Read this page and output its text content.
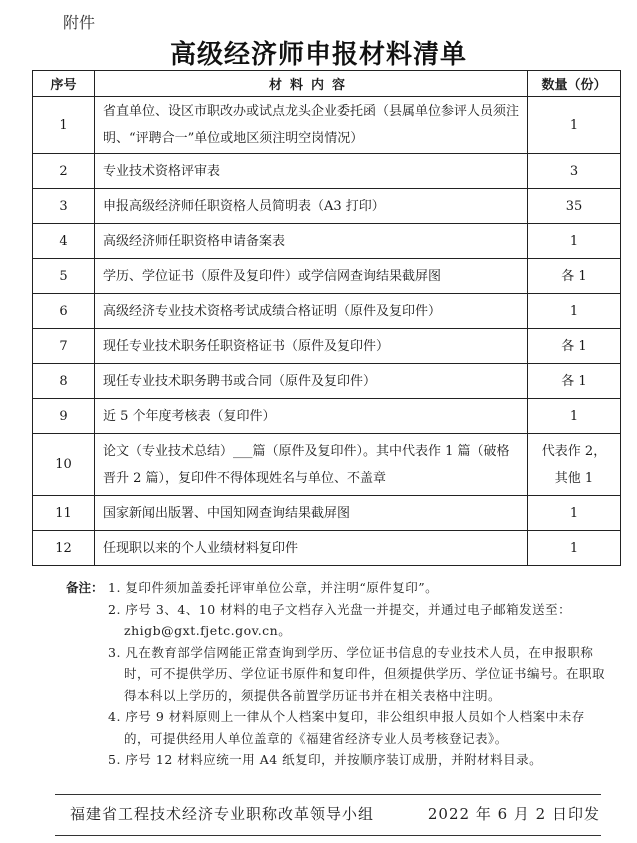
附件
高级经济师申报材料清单
序号	材料内容	数量（份）
1	省直单位、设区市职改办或试点龙头企业委托函（县属单位参评人员须注明、“评聘合一”单位或地区须注明空岗情况）	1
2	专业技术资格评审表	3
3	申报高级经济师任职资格人员简明表（A3 打印）	35
4	高级经济师任职资格申请备案表	1
5	学历、学位证书（原件及复印件）或学信网查询结果截屏图	各 1
6	高级经济专业技术资格考试成绩合格证明（原件及复印件）	1
7	现任专业技术职务任职资格证书（原件及复印件）	各 1
8	现任专业技术职务聘书或合同（原件及复印件）	各 1
9	近 5 个年度考核表（复印件）	1
10	论文（专业技术总结）___篇（原件及复印件）。其中代表作 1 篇（破格晋升 2 篇），复印件不得体现姓名与单位、不盖章	代表作 2，其他 1
11	国家新闻出版署、中国知网查询结果截屏图	1
12	任现职以来的个人业绩材料复印件	1
备注： 1. 复印件须加盖委托评审单位公章，并注明“原件复印”。
2. 序号 3、4、10 材料的电子文档存入光盘一并提交，并通过电子邮箱发送至：zhigb@gxt.fjetc.gov.cn。
3. 凡在教育部学信网能正常查询到学历、学位证书信息的专业技术人员，在申报职称时，可不提供学历、学位证书原件和复印件，但须提供学历、学位证书编号。在职取得本科以上学历的，须提供各前置学历证书并在相关表格中注明。
4. 序号 9 材料原则上一律从个人档案中复印，非公组织申报人员如个人档案中未存的，可提供经用人单位盖章的《福建省经济专业人员考核登记表》。
5. 序号 12 材料应统一用 A4 纸复印，并按顺序装订成册，并附材料目录。
福建省工程技术经济专业职称改革领导小组	2022 年 6 月 2 日印发
